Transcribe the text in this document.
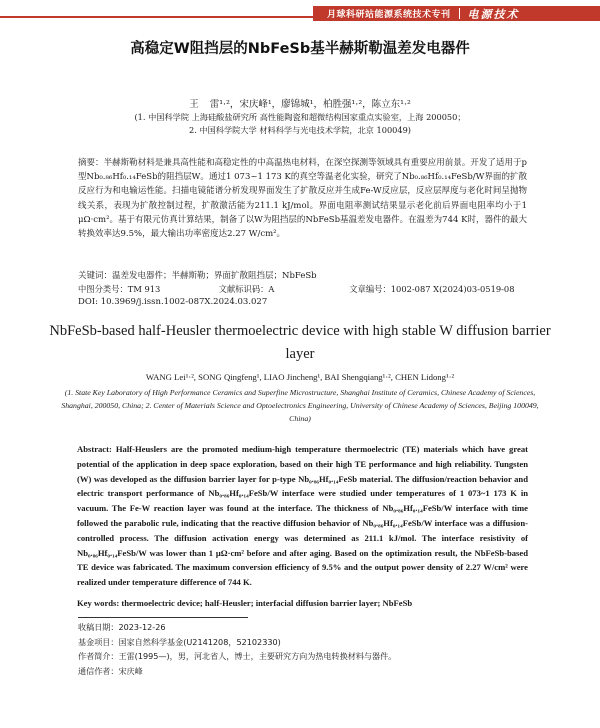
月球科研站能源系统技术专刊 电源技术
高稳定W阻挡层的NbFeSb基半赫斯勒温差发电器件
王 雷¹·²，宋庆峰¹，廖锦城¹，柏胜强¹·²，陈立东¹·²
(1. 中国科学院 上海硅酸盐研究所 高性能陶瓷和超微结构国家重点实验室，上海 200050；
2. 中国科学院大学 材料科学与光电技术学院，北京 100049)
摘要：半赫斯勒材料是兼具高性能和高稳定性的中高温热电材料，在深空探测等领域具有重要应用前景。开发了适用于p型Nb₀.₈₆Hf₀.₁₄FeSb的阻挡层W。通过1 073~1 173 K的真空等温老化实验，研究了Nb₀.₈₆Hf₀.₁₄FeSb/W界面的扩散反应行为和电输运性能。扫描电镜能谱分析发现界面发生了扩散反应并生成Fe-W反应层，反应层厚度与老化时间呈抛物线关系，表现为扩散控制过程，扩散激活能为211.1 kJ/mol。界面电阻率测试结果显示老化前后界面电阻率均小于1 μΩ·cm²。基于有限元仿真计算结果，制备了以W为阻挡层的NbFeSb基温差发电器件。在温差为744 K时，器件的最大转换效率达9.5%，最大输出功率密度达2.27 W/cm²。
关键词：温差发电器件；半赫斯勒；界面扩散阻挡层；NbFeSb
中图分类号：TM 913	文献标识码：A	文章编号：1002-087 X(2024)03-0519-08
DOI: 10.3969/j.issn.1002-087X.2024.03.027
NbFeSb-based half-Heusler thermoelectric device with high stable W diffusion barrier layer
WANG Lei¹·², SONG Qingfeng¹, LIAO Jincheng¹, BAI Shengqiang¹·², CHEN Lidong¹·²
(1. State Key Laboratory of High Performance Ceramics and Superfine Microstructure, Shanghai Institute of Ceramics, Chinese Academy of Sciences, Shanghai, 200050, China; 2. Center of Materials Science and Optoelectronics Engineering, University of Chinese Academy of Sciences, Beijing 100049, China)
Abstract: Half-Heuslers are the promoted medium-high temperature thermoelectric (TE) materials which have great potential of the application in deep space exploration, based on their high TE performance and high reliability. Tungsten (W) was developed as the diffusion barrier layer for p-type Nb₀.₈₆Hf₀.₁₄FeSb material. The diffusion/reaction behavior and electric transport performance of Nb₀.₈₆Hf₀.₁₄FeSb/W interface were studied under temperatures of 1 073~1 173 K in vacuum. The Fe-W reaction layer was found at the interface. The thickness of Nb₀.₈₆Hf₀.₁₄FeSb/W interface with time followed the parabolic rule, indicating that the reactive diffusion behavior of Nb₀.₈₆Hf₀.₁₄FeSb/W interface was a diffusion-controlled process. The diffusion activation energy was determined as 211.1 kJ/mol. The interface resistivity of Nb₀.₈₆Hf₀.₁₄FeSb/W was lower than 1 μΩ·cm² before and after aging. Based on the optimization result, the NbFeSb-based TE device was fabricated. The maximum conversion efficiency of 9.5% and the output power density of 2.27 W/cm² were realized under temperature difference of 744 K.
Key words: thermoelectric device; half-Heusler; interfacial diffusion barrier layer; NbFeSb
收稿日期：2023-12-26
基金项目：国家自然科学基金(U2141208，52102330)
作者简介：王雷(1995—)，男，河北省人，博士，主要研究方向为热电转换材料与器件。
通信作者：宋庆峰
